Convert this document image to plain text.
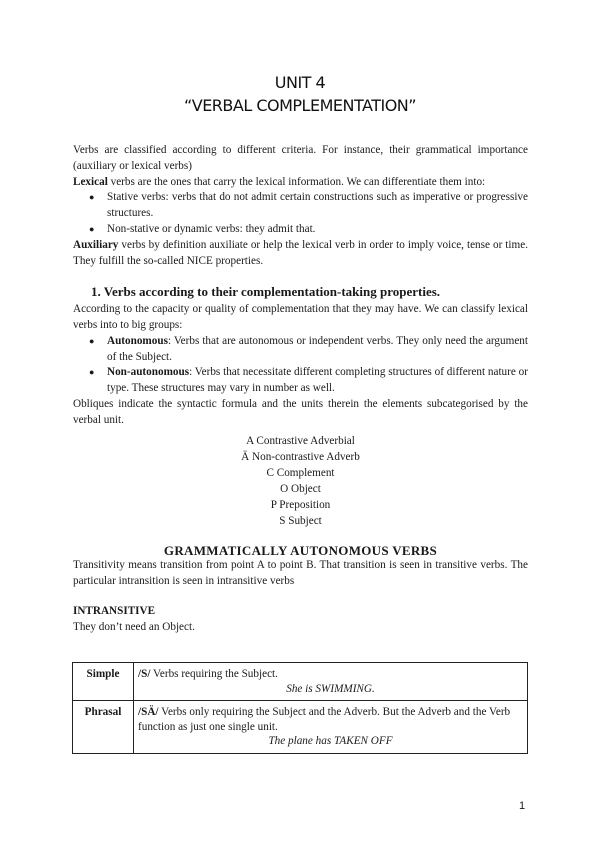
UNIT 4
“VERBAL COMPLEMENTATION”

Verbs are classified according to different criteria. For instance, their grammatical importance (auxiliary or lexical verbs)

Lexical verbs are the ones that carry the lexical information. We can differentiate them into:

● Stative verbs: verbs that do not admit certain constructions such as imperative or progressive structures.
● Non-stative or dynamic verbs: they admit that.

Auxiliary verbs by definition auxiliate or help the lexical verb in order to imply voice, tense or time. They fulfill the so-called NICE properties.

1. Verbs according to their complementation-taking properties.

According to the capacity or quality of complementation that they may have. We can classify lexical verbs into to big groups:

● Autonomous: Verbs that are autonomous or independent verbs. They only need the argument of the Subject.
● Non-autonomous: Verbs that necessitate different completing structures of different nature or type. These structures may vary in number as well.

Obliques indicate the syntactic formula and the units therein the elements subcategorised by the verbal unit.

A Contrastive Adverbial
Ä Non-contrastive Adverb
C Complement
O Object
P Preposition
S Subject
GRAMMATICALLY AUTONOMOUS VERBS

Transitivity means transition from point A to point B. That transition is seen in transitive verbs. The particular intransition is seen in intransitive verbs

INTRANSITIVE

They don’t need an Object.

Simple	/S/ Verbs requiring the Subject.
She is SWIMMING.

Phrasal	/SÄ/ Verbs only requiring the Subject and the Adverb. But the Adverb and the Verb function as just one single unit.
The plane has TAKEN OFF
1
